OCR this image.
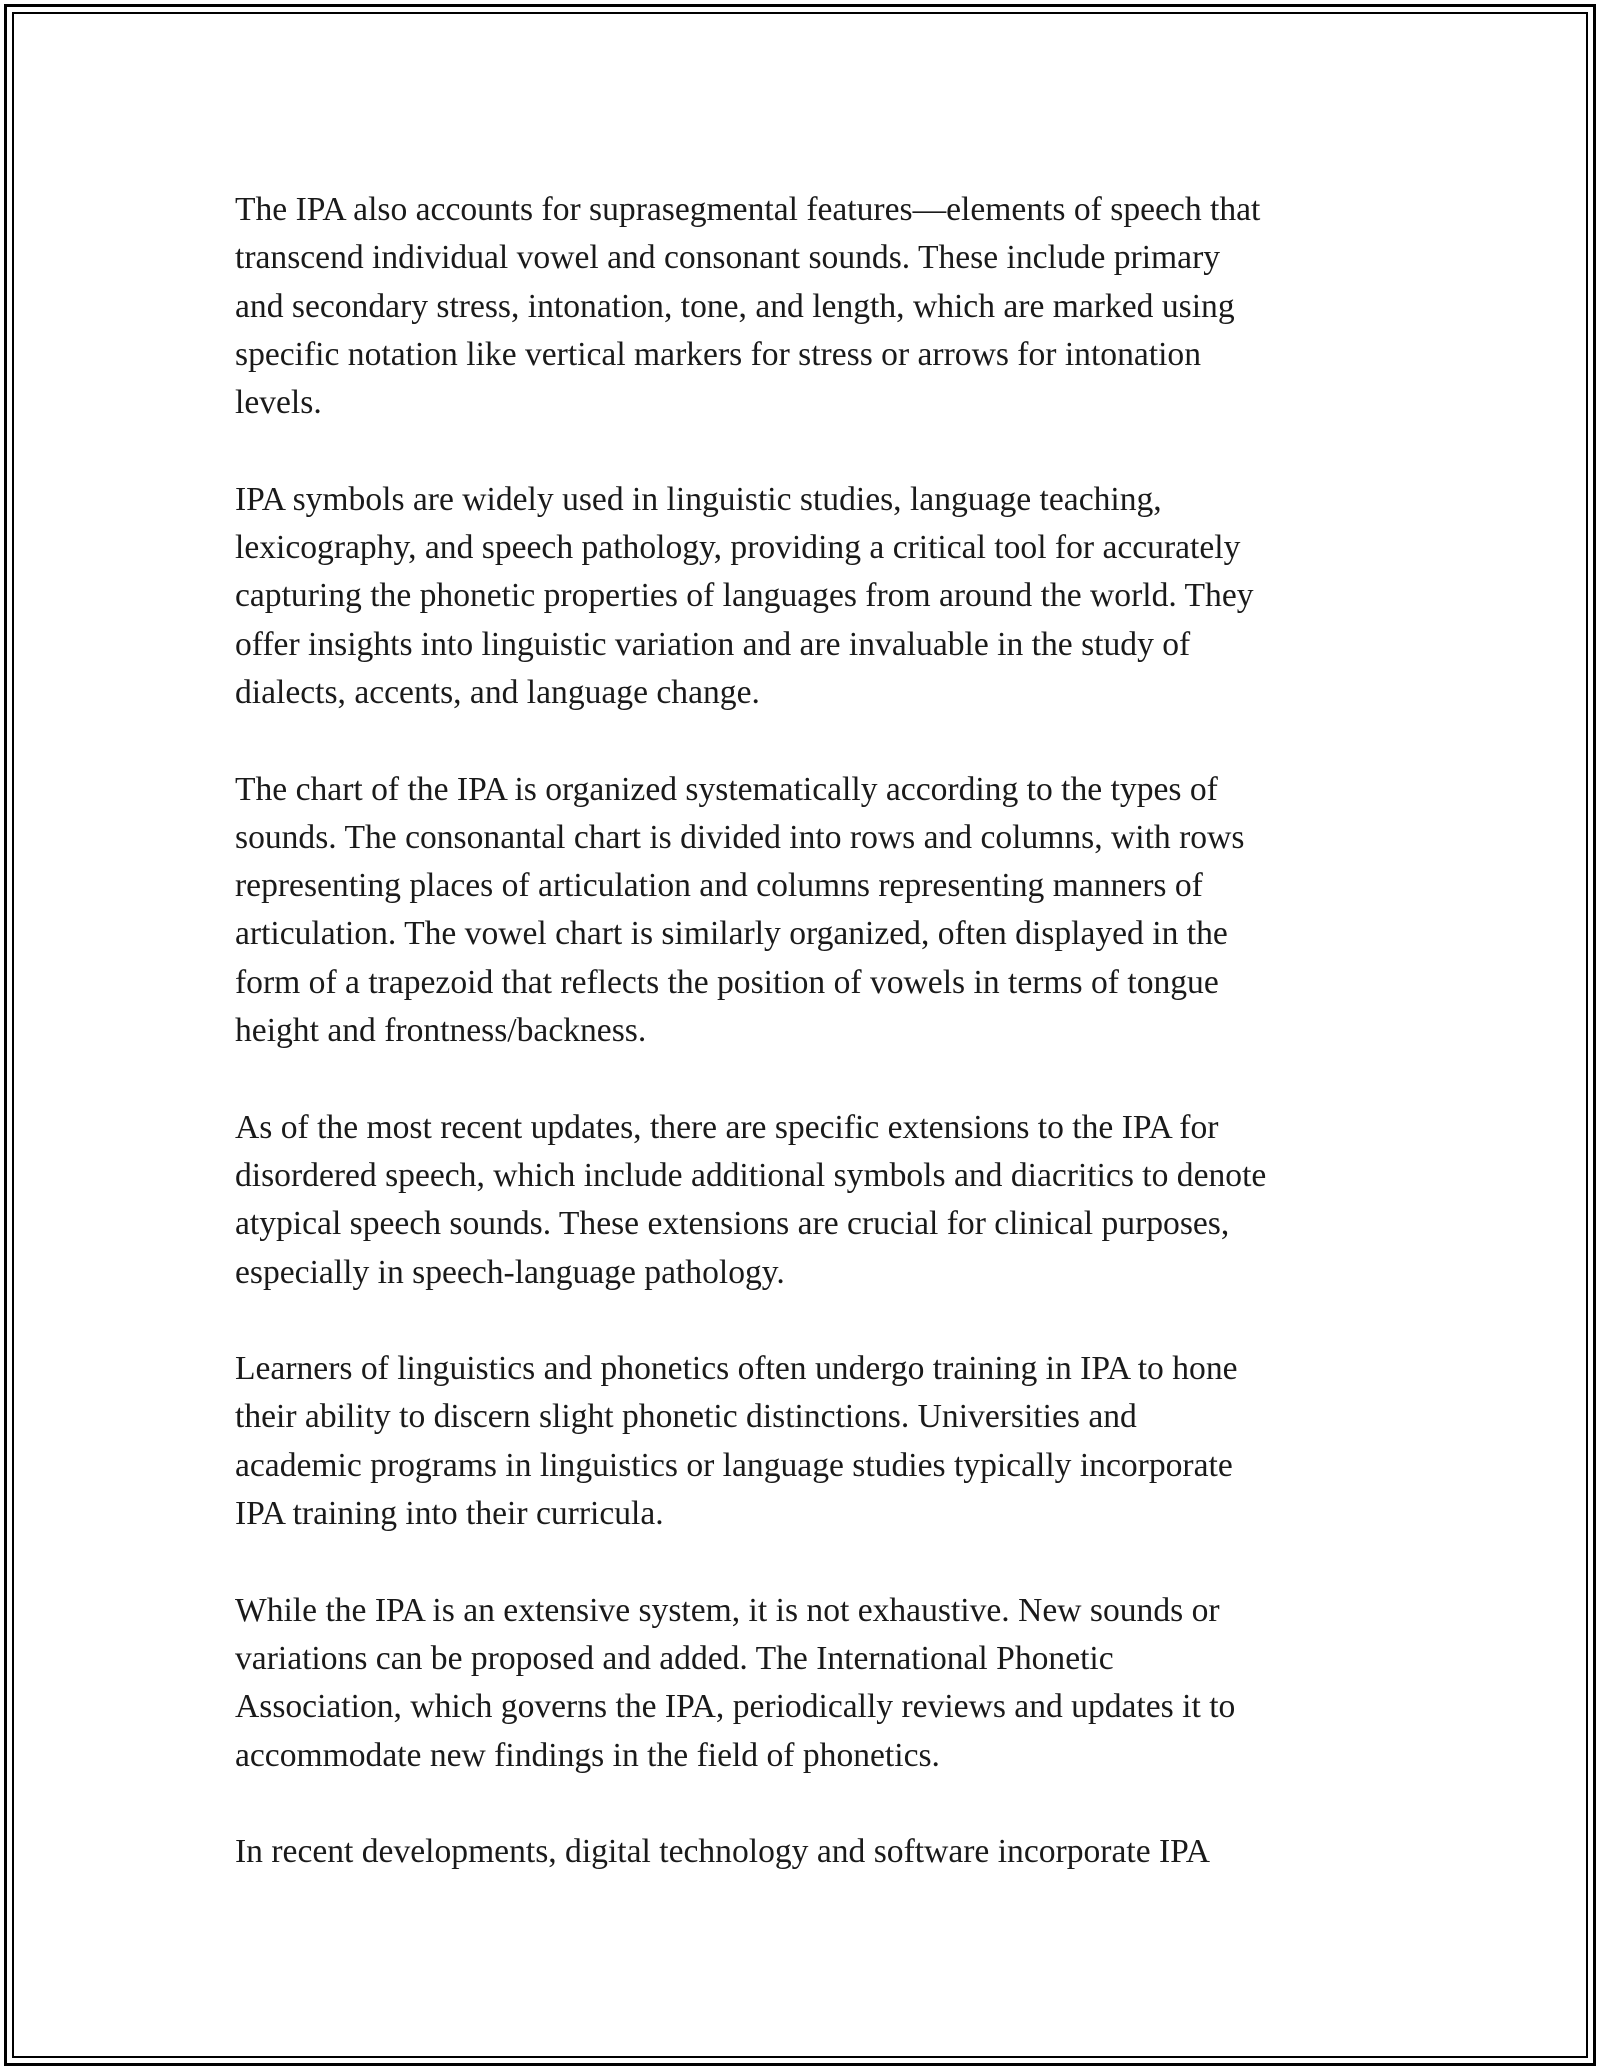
The IPA also accounts for suprasegmental features—elements of speech that
transcend individual vowel and consonant sounds. These include primary
and secondary stress, intonation, tone, and length, which are marked using
specific notation like vertical markers for stress or arrows for intonation
levels.

IPA symbols are widely used in linguistic studies, language teaching,
lexicography, and speech pathology, providing a critical tool for accurately
capturing the phonetic properties of languages from around the world. They
offer insights into linguistic variation and are invaluable in the study of
dialects, accents, and language change.

The chart of the IPA is organized systematically according to the types of
sounds. The consonantal chart is divided into rows and columns, with rows
representing places of articulation and columns representing manners of
articulation. The vowel chart is similarly organized, often displayed in the
form of a trapezoid that reflects the position of vowels in terms of tongue
height and frontness/backness.

As of the most recent updates, there are specific extensions to the IPA for
disordered speech, which include additional symbols and diacritics to denote
atypical speech sounds. These extensions are crucial for clinical purposes,
especially in speech-language pathology.

Learners of linguistics and phonetics often undergo training in IPA to hone
their ability to discern slight phonetic distinctions. Universities and
academic programs in linguistics or language studies typically incorporate
IPA training into their curricula.

While the IPA is an extensive system, it is not exhaustive. New sounds or
variations can be proposed and added. The International Phonetic
Association, which governs the IPA, periodically reviews and updates it to
accommodate new findings in the field of phonetics.

In recent developments, digital technology and software incorporate IPA
